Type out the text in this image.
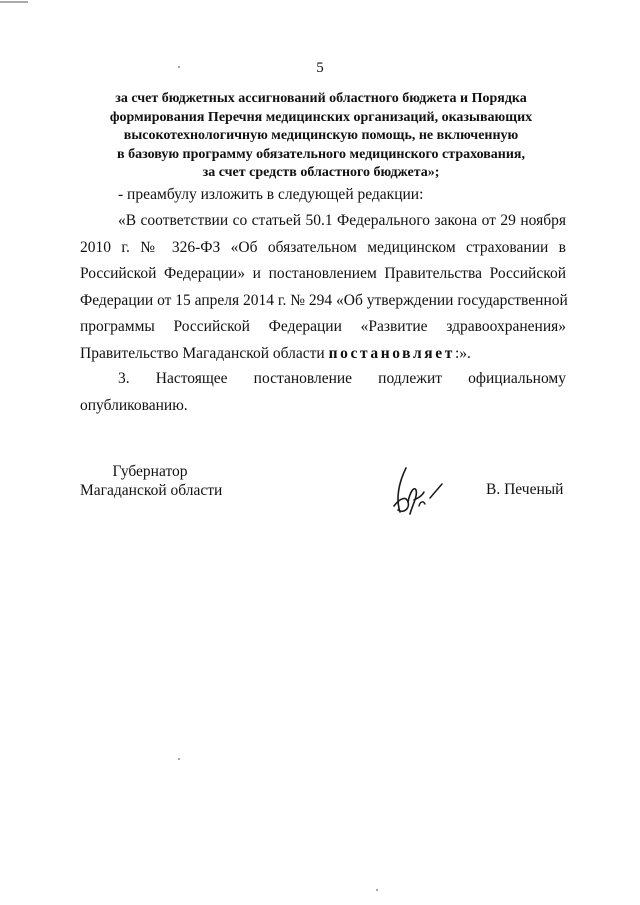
5
за счет бюджетных ассигнований областного бюджета и Порядка
формирования Перечня медицинских организаций, оказывающих
высокотехнологичную медицинскую помощь, не включенную
в базовую программу обязательного медицинского страхования,
за счет средств областного бюджета»;
- преамбулу изложить в следующей редакции:
«В соответствии со статьей 50.1 Федерального закона от 29 ноября
2010 г. № 326-ФЗ «Об обязательном медицинском страховании в
Российской Федерации» и постановлением Правительства Российской
Федерации от 15 апреля 2014 г. № 294 «Об утверждении государственной
программы Российской Федерации «Развитие здравоохранения»
Правительство Магаданской области постановляет:».
3. Настоящее постановление подлежит официальному
опубликованию.
Губернатор
Магаданской области	В. Печеный
